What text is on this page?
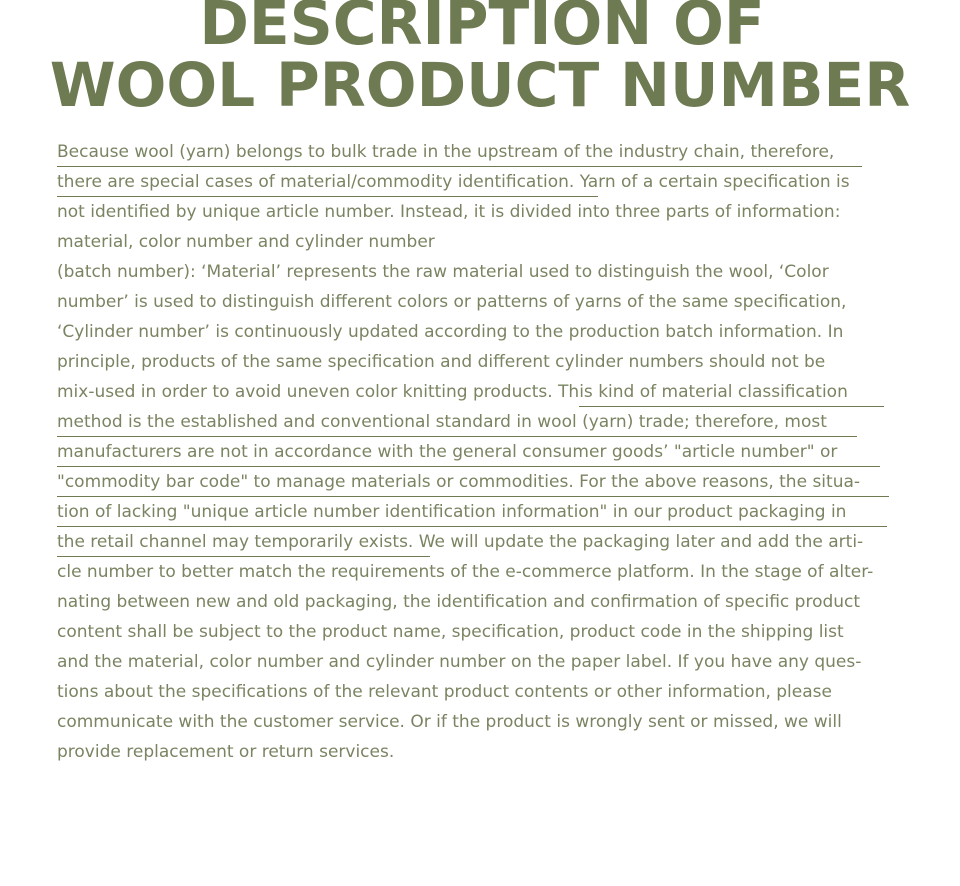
DESCRIPTION OF
WOOL PRODUCT NUMBER
Because wool (yarn) belongs to bulk trade in the upstream of the industry chain, therefore,
there are special cases of material/commodity identification. Yarn of a certain specification is
not identified by unique article number. Instead, it is divided into three parts of information:
material, color number and cylinder number
(batch number): ‘Material’ represents the raw material used to distinguish the wool, ‘Color
number’ is used to distinguish different colors or patterns of yarns of the same specification,
‘Cylinder number’ is continuously updated according to the production batch information. In
principle, products of the same specification and different cylinder numbers should not be
mix-used in order to avoid uneven color knitting products. This kind of material classification
method is the established and conventional standard in wool (yarn) trade; therefore, most
manufacturers are not in accordance with the general consumer goods’ "article number" or
"commodity bar code" to manage materials or commodities. For the above reasons, the situa-
tion of lacking "unique article number identification information" in our product packaging in
the retail channel may temporarily exists. We will update the packaging later and add the arti-
cle number to better match the requirements of the e-commerce platform. In the stage of alter-
nating between new and old packaging, the identification and confirmation of specific product
content shall be subject to the product name, specification, product code in the shipping list
and the material, color number and cylinder number on the paper label. If you have any ques-
tions about the specifications of the relevant product contents or other information, please
communicate with the customer service. Or if the product is wrongly sent or missed, we will
provide replacement or return services.
